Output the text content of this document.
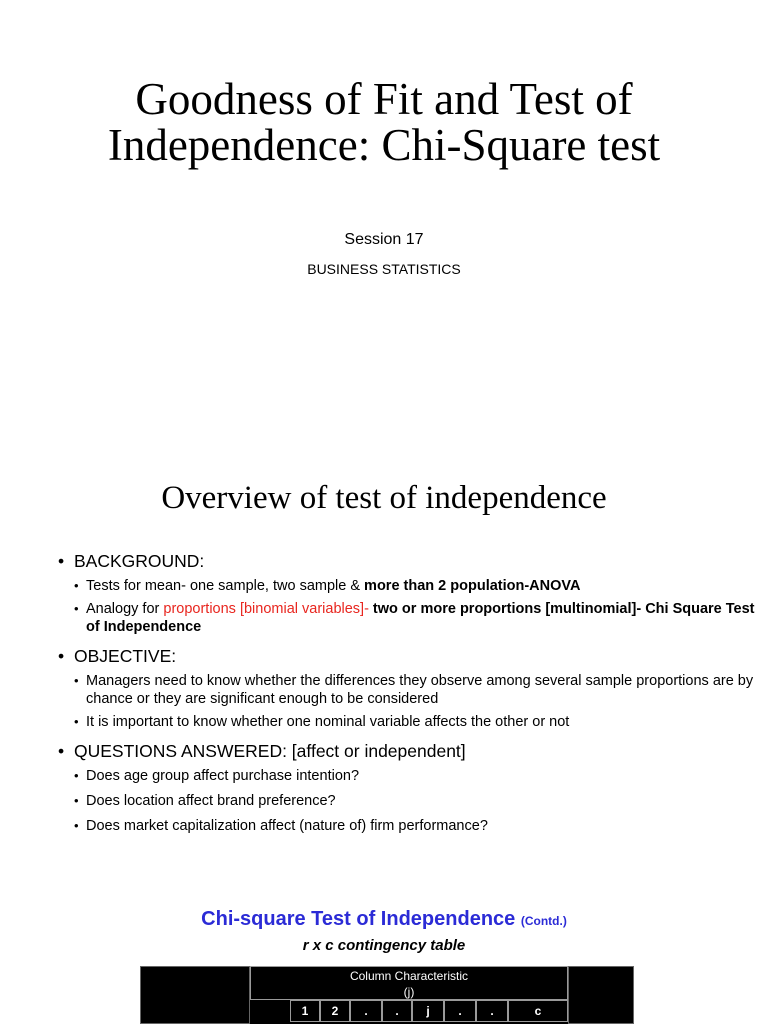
Goodness of Fit and Test of Independence: Chi-Square test
Session 17
BUSINESS STATISTICS
Overview of test of independence
• BACKGROUND:
• Tests for mean- one sample, two sample & more than 2 population-ANOVA
• Analogy for proportions [binomial variables]- two or more proportions [multinomial]- Chi Square Test of Independence
• OBJECTIVE:
• Managers need to know whether the differences they observe among several sample proportions are by chance or they are significant enough to be considered
• It is important to know whether one nominal variable affects the other or not
• QUESTIONS ANSWERED: [affect or independent]
• Does age group affect purchase intention?
• Does location affect brand preference?
• Does market capitalization affect (nature of) firm performance?
Chi-square Test of Independence (Contd.)
r x c contingency table
Column Characteristic
(j)
1	2	.	.	j	.	.	c
